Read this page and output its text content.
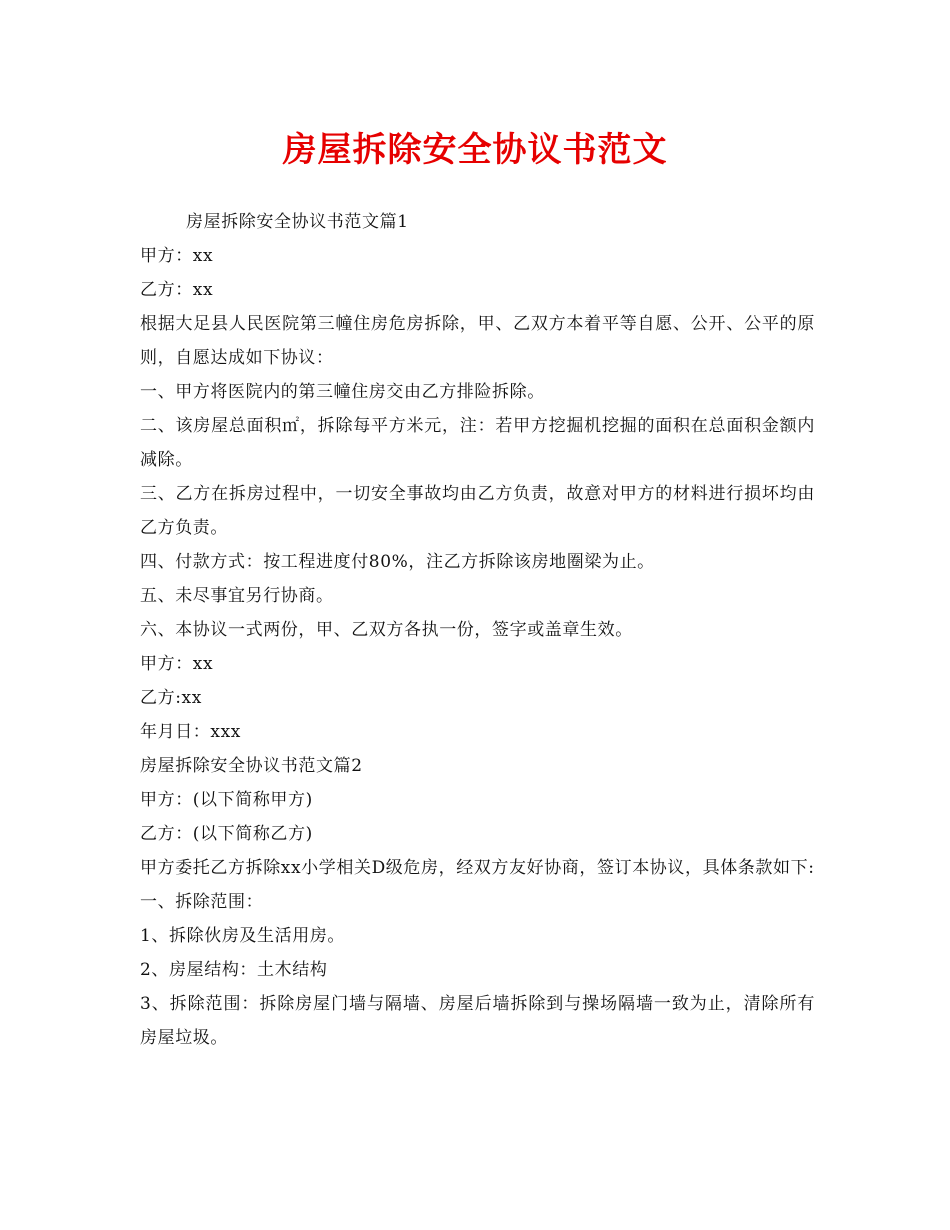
房屋拆除安全协议书范文

房屋拆除安全协议书范文篇1

甲方：xx

乙方：xx

根据大足县人民医院第三幢住房危房拆除，甲、乙双方本着平等自愿、公开、公平的原则，自愿达成如下协议：

一、甲方将医院内的第三幢住房交由乙方排险拆除。

二、该房屋总面积㎡，拆除每平方米元，注：若甲方挖掘机挖掘的面积在总面积金额内减除。

三、乙方在拆房过程中，一切安全事故均由乙方负责，故意对甲方的材料进行损坏均由乙方负责。

四、付款方式：按工程进度付80%，注乙方拆除该房地圈梁为止。

五、未尽事宜另行协商。

六、本协议一式两份，甲、乙双方各执一份，签字或盖章生效。

甲方：xx

乙方:xx

年月日：xxx

房屋拆除安全协议书范文篇2

甲方：(以下简称甲方)

乙方：(以下简称乙方)

甲方委托乙方拆除xx小学相关D级危房，经双方友好协商，签订本协议，具体条款如下:

一、拆除范围：

1、拆除伙房及生活用房。

2、房屋结构：土木结构

3、拆除范围：拆除房屋门墙与隔墙、房屋后墙拆除到与操场隔墙一致为止，清除所有房屋垃圾。
